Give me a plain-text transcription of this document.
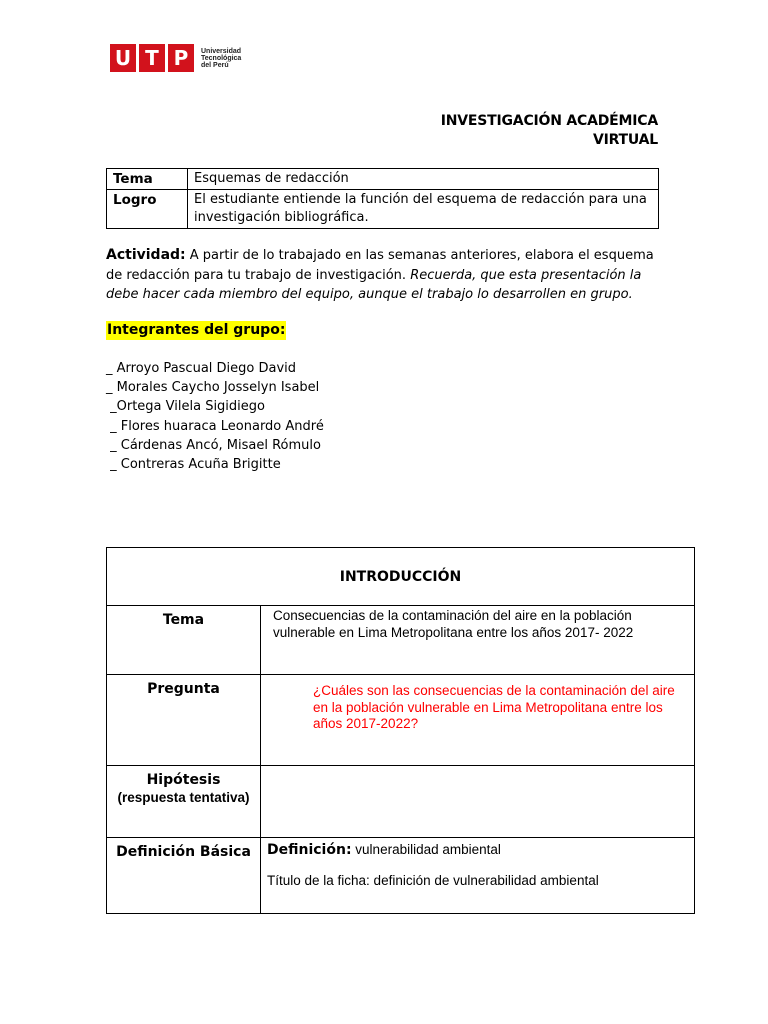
U T P	Universidad
Tecnológica
del Perú
INVESTIGACIÓN ACADÉMICA
VIRTUAL
Tema	Esquemas de redacción
Logro	El estudiante entiende la función del esquema de redacción para una investigación bibliográfica.
Actividad: A partir de lo trabajado en las semanas anteriores, elabora el esquema de redacción para tu trabajo de investigación. Recuerda, que esta presentación la debe hacer cada miembro del equipo, aunque el trabajo lo desarrollen en grupo.
Integrantes del grupo:
_ Arroyo Pascual Diego David
_ Morales Caycho Josselyn Isabel
_Ortega Vilela Sigidiego
_ Flores huaraca Leonardo André
_ Cárdenas Ancó, Misael Rómulo
_ Contreras Acuña Brigitte
INTRODUCCIÓN	
Tema	Consecuencias de la contaminación del aire en la población vulnerable en Lima Metropolitana entre los años 2017- 2022
Pregunta	¿Cuáles son las consecuencias de la contaminación del aire en la población vulnerable en Lima Metropolitana entre los años 2017-2022?
Hipótesis
(respuesta tentativa)	

Definición Básica	Definición: vulnerabilidad ambiental
Título de la ficha: definición de vulnerabilidad ambiental
